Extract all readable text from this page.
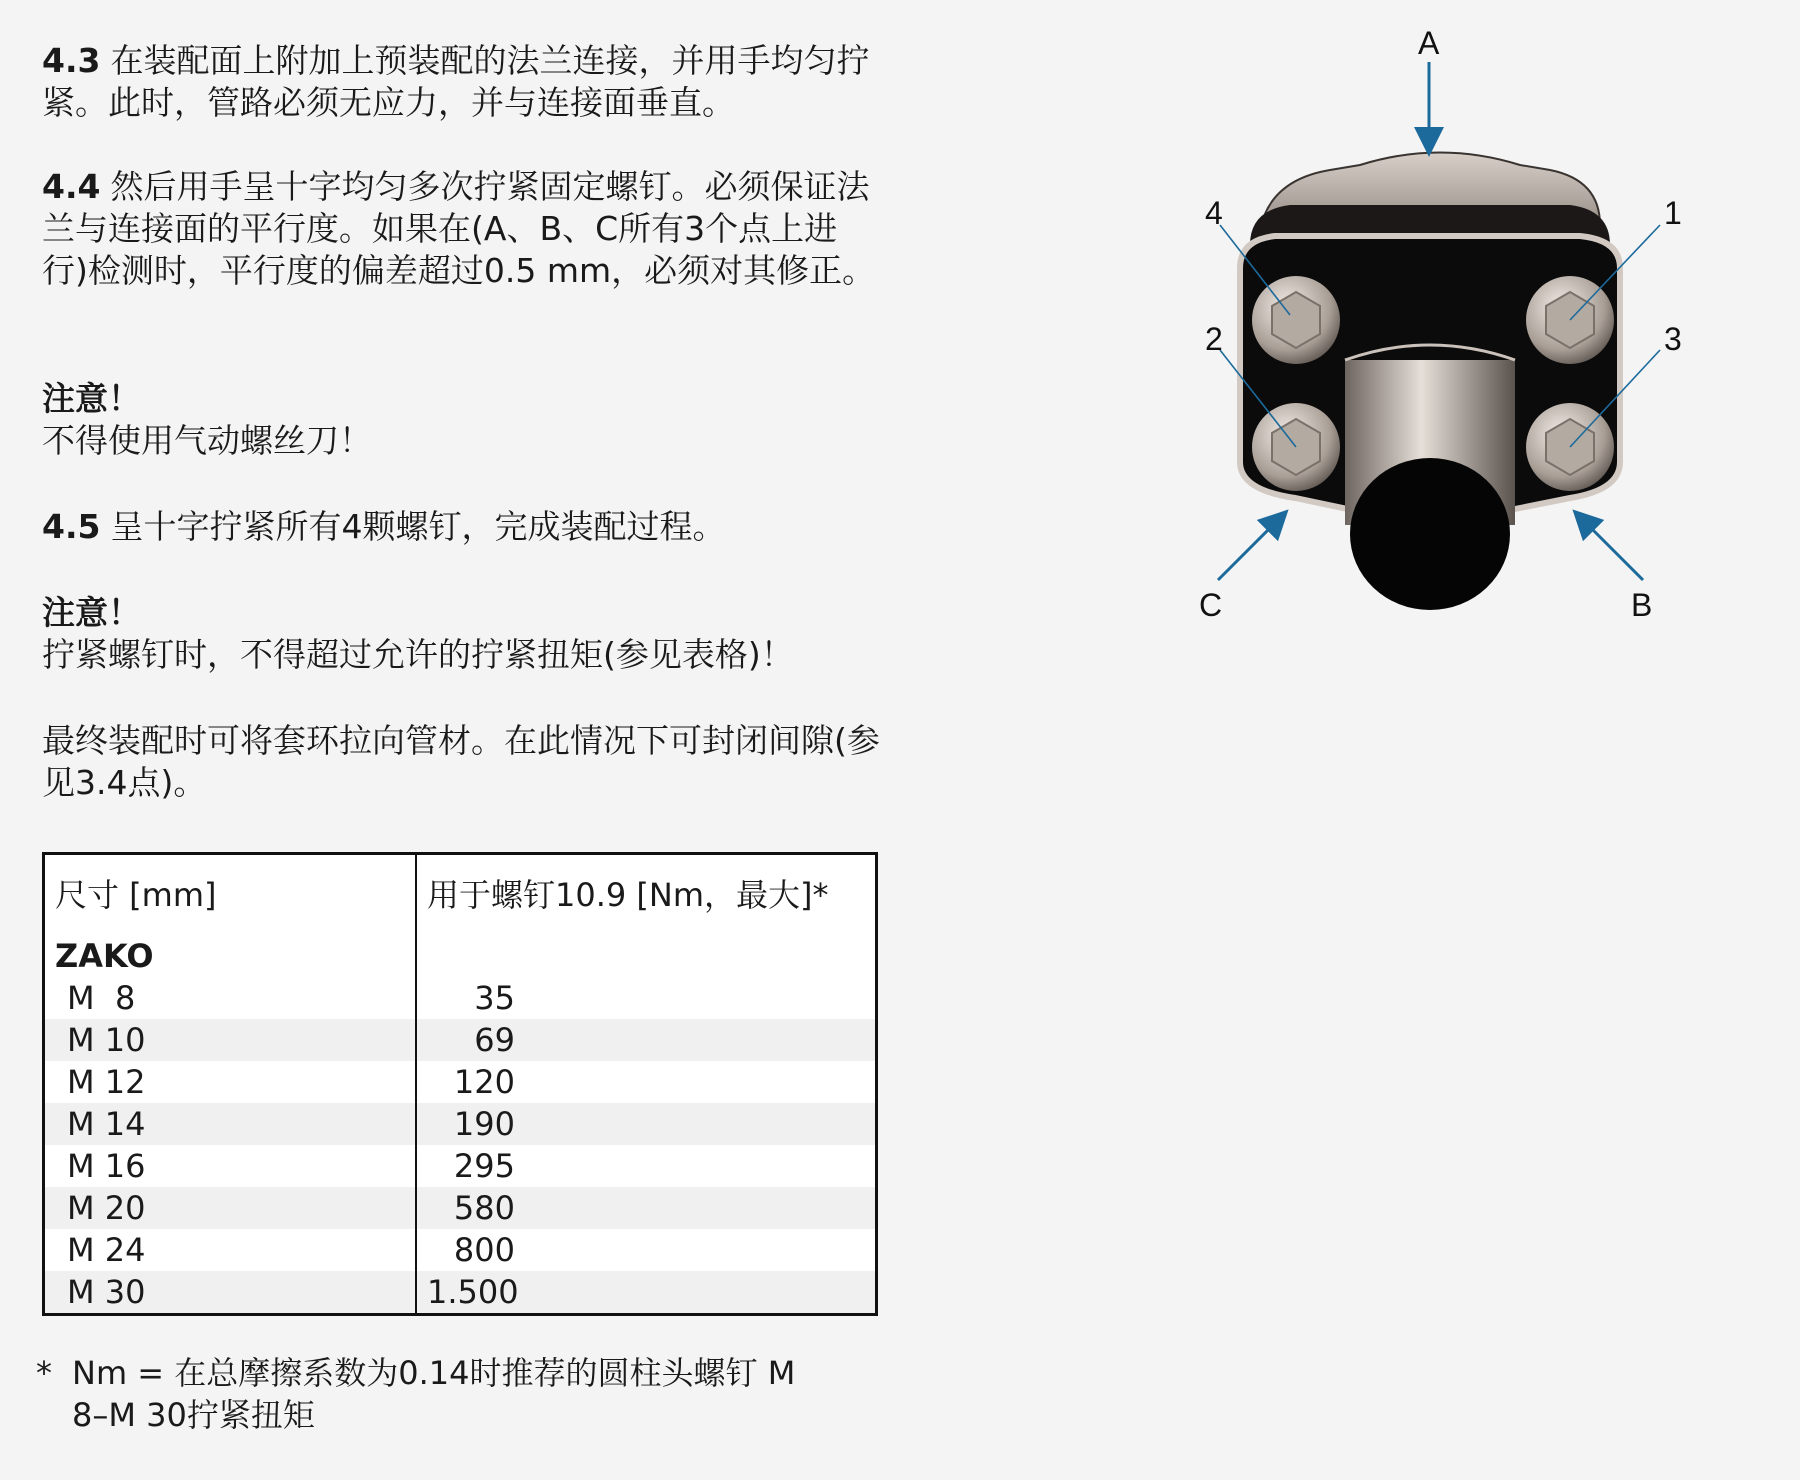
4.3 在装配面上附加上预装配的法兰连接，并用手均匀拧紧。此时，管路必须无应力，并与连接面垂直。

4.4 然后用手呈十字均匀多次拧紧固定螺钉。必须保证法兰与连接面的平行度。如果在(A、B、C所有3个点上进行)检测时，平行度的偏差超过0.5 mm，必须对其修正。

注意！
不得使用气动螺丝刀！

4.5 呈十字拧紧所有4颗螺钉，完成装配过程。

注意！
拧紧螺钉时，不得超过允许的拧紧扭矩(参见表格)！

最终装配时可将套环拉向管材。在此情况下可封闭间隙(参见3.4点)。

尺寸 [mm]	用于螺钉10.9 [Nm，最大]*
ZAKO	
M  8	35
M 10	69
M 12	120
M 14	190
M 16	295
M 20	580
M 24	800
M 30	1.500
* Nm = 在总摩擦系数为0.14时推荐的圆柱头螺钉 M 8–M 30拧紧扭矩
A
B
C
1
2	3
4
